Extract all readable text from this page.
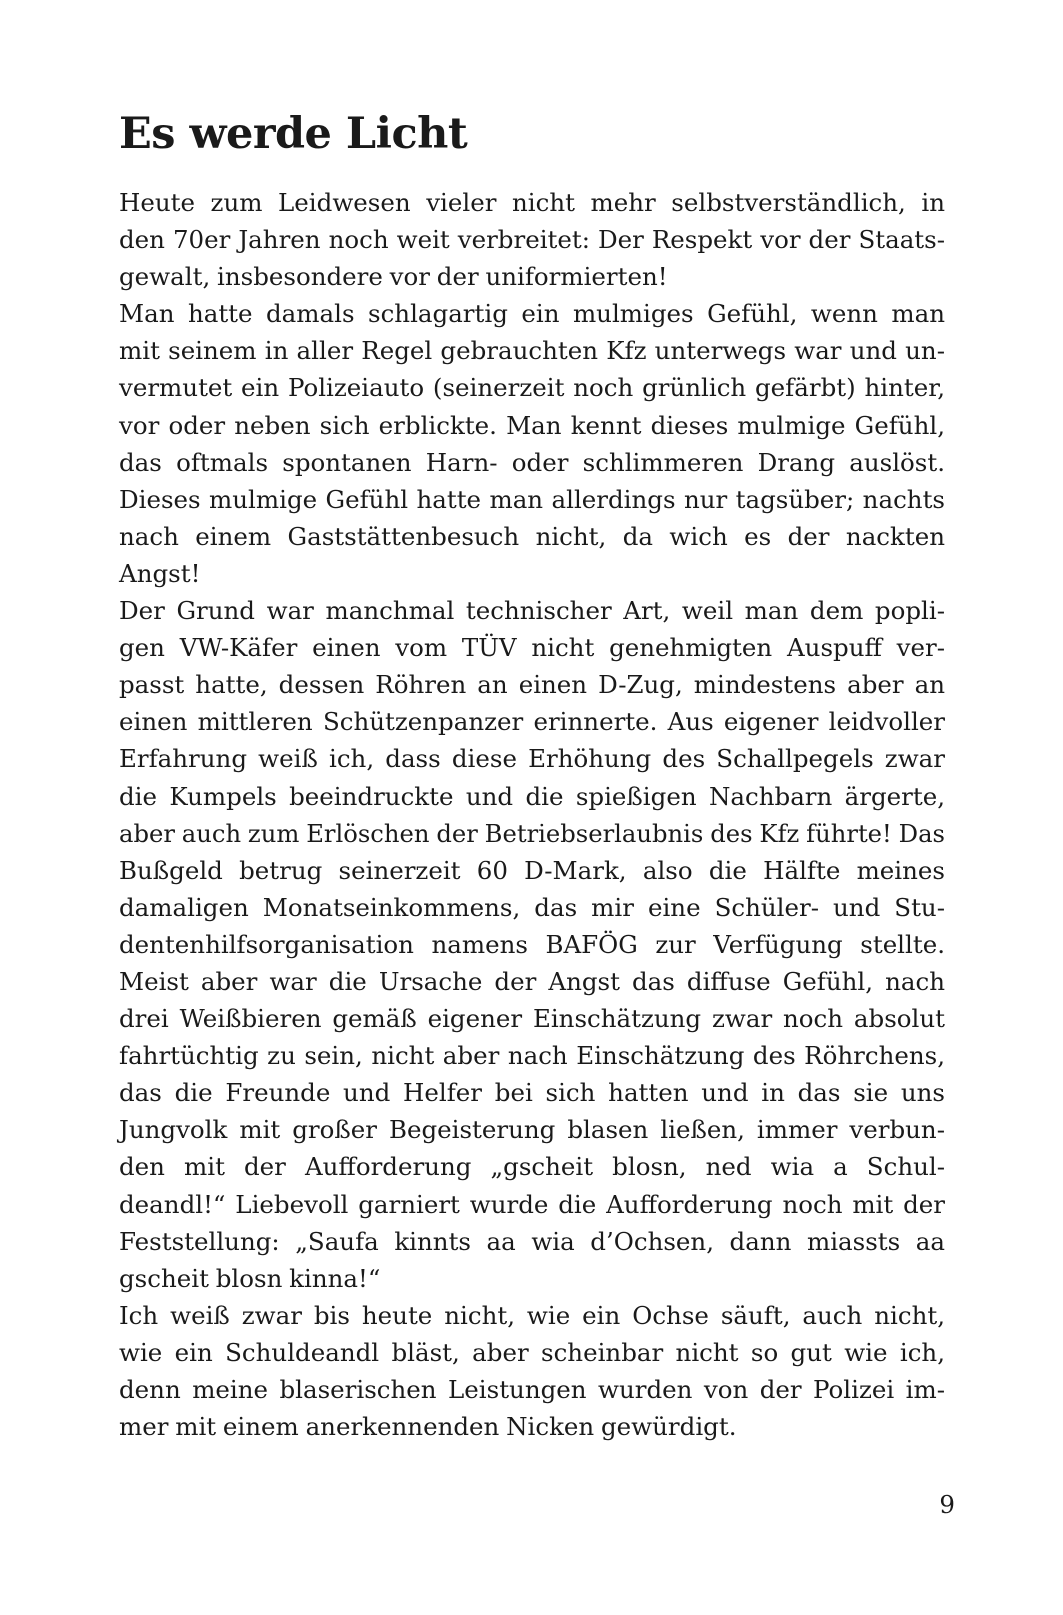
Es werde Licht
Heute zum Leidwesen vieler nicht mehr selbstverständlich, in
den 70er Jahren noch weit verbreitet: Der Respekt vor der Staats-
gewalt, insbesondere vor der uniformierten!
Man hatte damals schlagartig ein mulmiges Gefühl, wenn man
mit seinem in aller Regel gebrauchten Kfz unterwegs war und un-
vermutet ein Polizeiauto (seinerzeit noch grünlich gefärbt) hinter,
vor oder neben sich erblickte. Man kennt dieses mulmige Gefühl,
das oftmals spontanen Harn- oder schlimmeren Drang auslöst.
Dieses mulmige Gefühl hatte man allerdings nur tagsüber; nachts
nach einem Gaststättenbesuch nicht, da wich es der nackten
Angst!
Der Grund war manchmal technischer Art, weil man dem popli-
gen VW-Käfer einen vom TÜV nicht genehmigten Auspuff ver-
passt hatte, dessen Röhren an einen D-Zug, mindestens aber an
einen mittleren Schützenpanzer erinnerte. Aus eigener leidvoller
Erfahrung weiß ich, dass diese Erhöhung des Schallpegels zwar
die Kumpels beeindruckte und die spießigen Nachbarn ärgerte,
aber auch zum Erlöschen der Betriebserlaubnis des Kfz führte! Das
Bußgeld betrug seinerzeit 60 D-Mark, also die Hälfte meines
damaligen Monatseinkommens, das mir eine Schüler- und Stu-
dentenhilfsorganisation namens BAFÖG zur Verfügung stellte.
Meist aber war die Ursache der Angst das diffuse Gefühl, nach
drei Weißbieren gemäß eigener Einschätzung zwar noch absolut
fahrtüchtig zu sein, nicht aber nach Einschätzung des Röhrchens,
das die Freunde und Helfer bei sich hatten und in das sie uns
Jungvolk mit großer Begeisterung blasen ließen, immer verbun-
den mit der Aufforderung „gscheit blosn, ned wia a Schul-
deandl!“ Liebevoll garniert wurde die Aufforderung noch mit der
Feststellung: „Saufa kinnts aa wia d’Ochsen, dann miassts aa
gscheit blosn kinna!“
Ich weiß zwar bis heute nicht, wie ein Ochse säuft, auch nicht,
wie ein Schuldeandl bläst, aber scheinbar nicht so gut wie ich,
denn meine blaserischen Leistungen wurden von der Polizei im-
mer mit einem anerkennenden Nicken gewürdigt.
9
